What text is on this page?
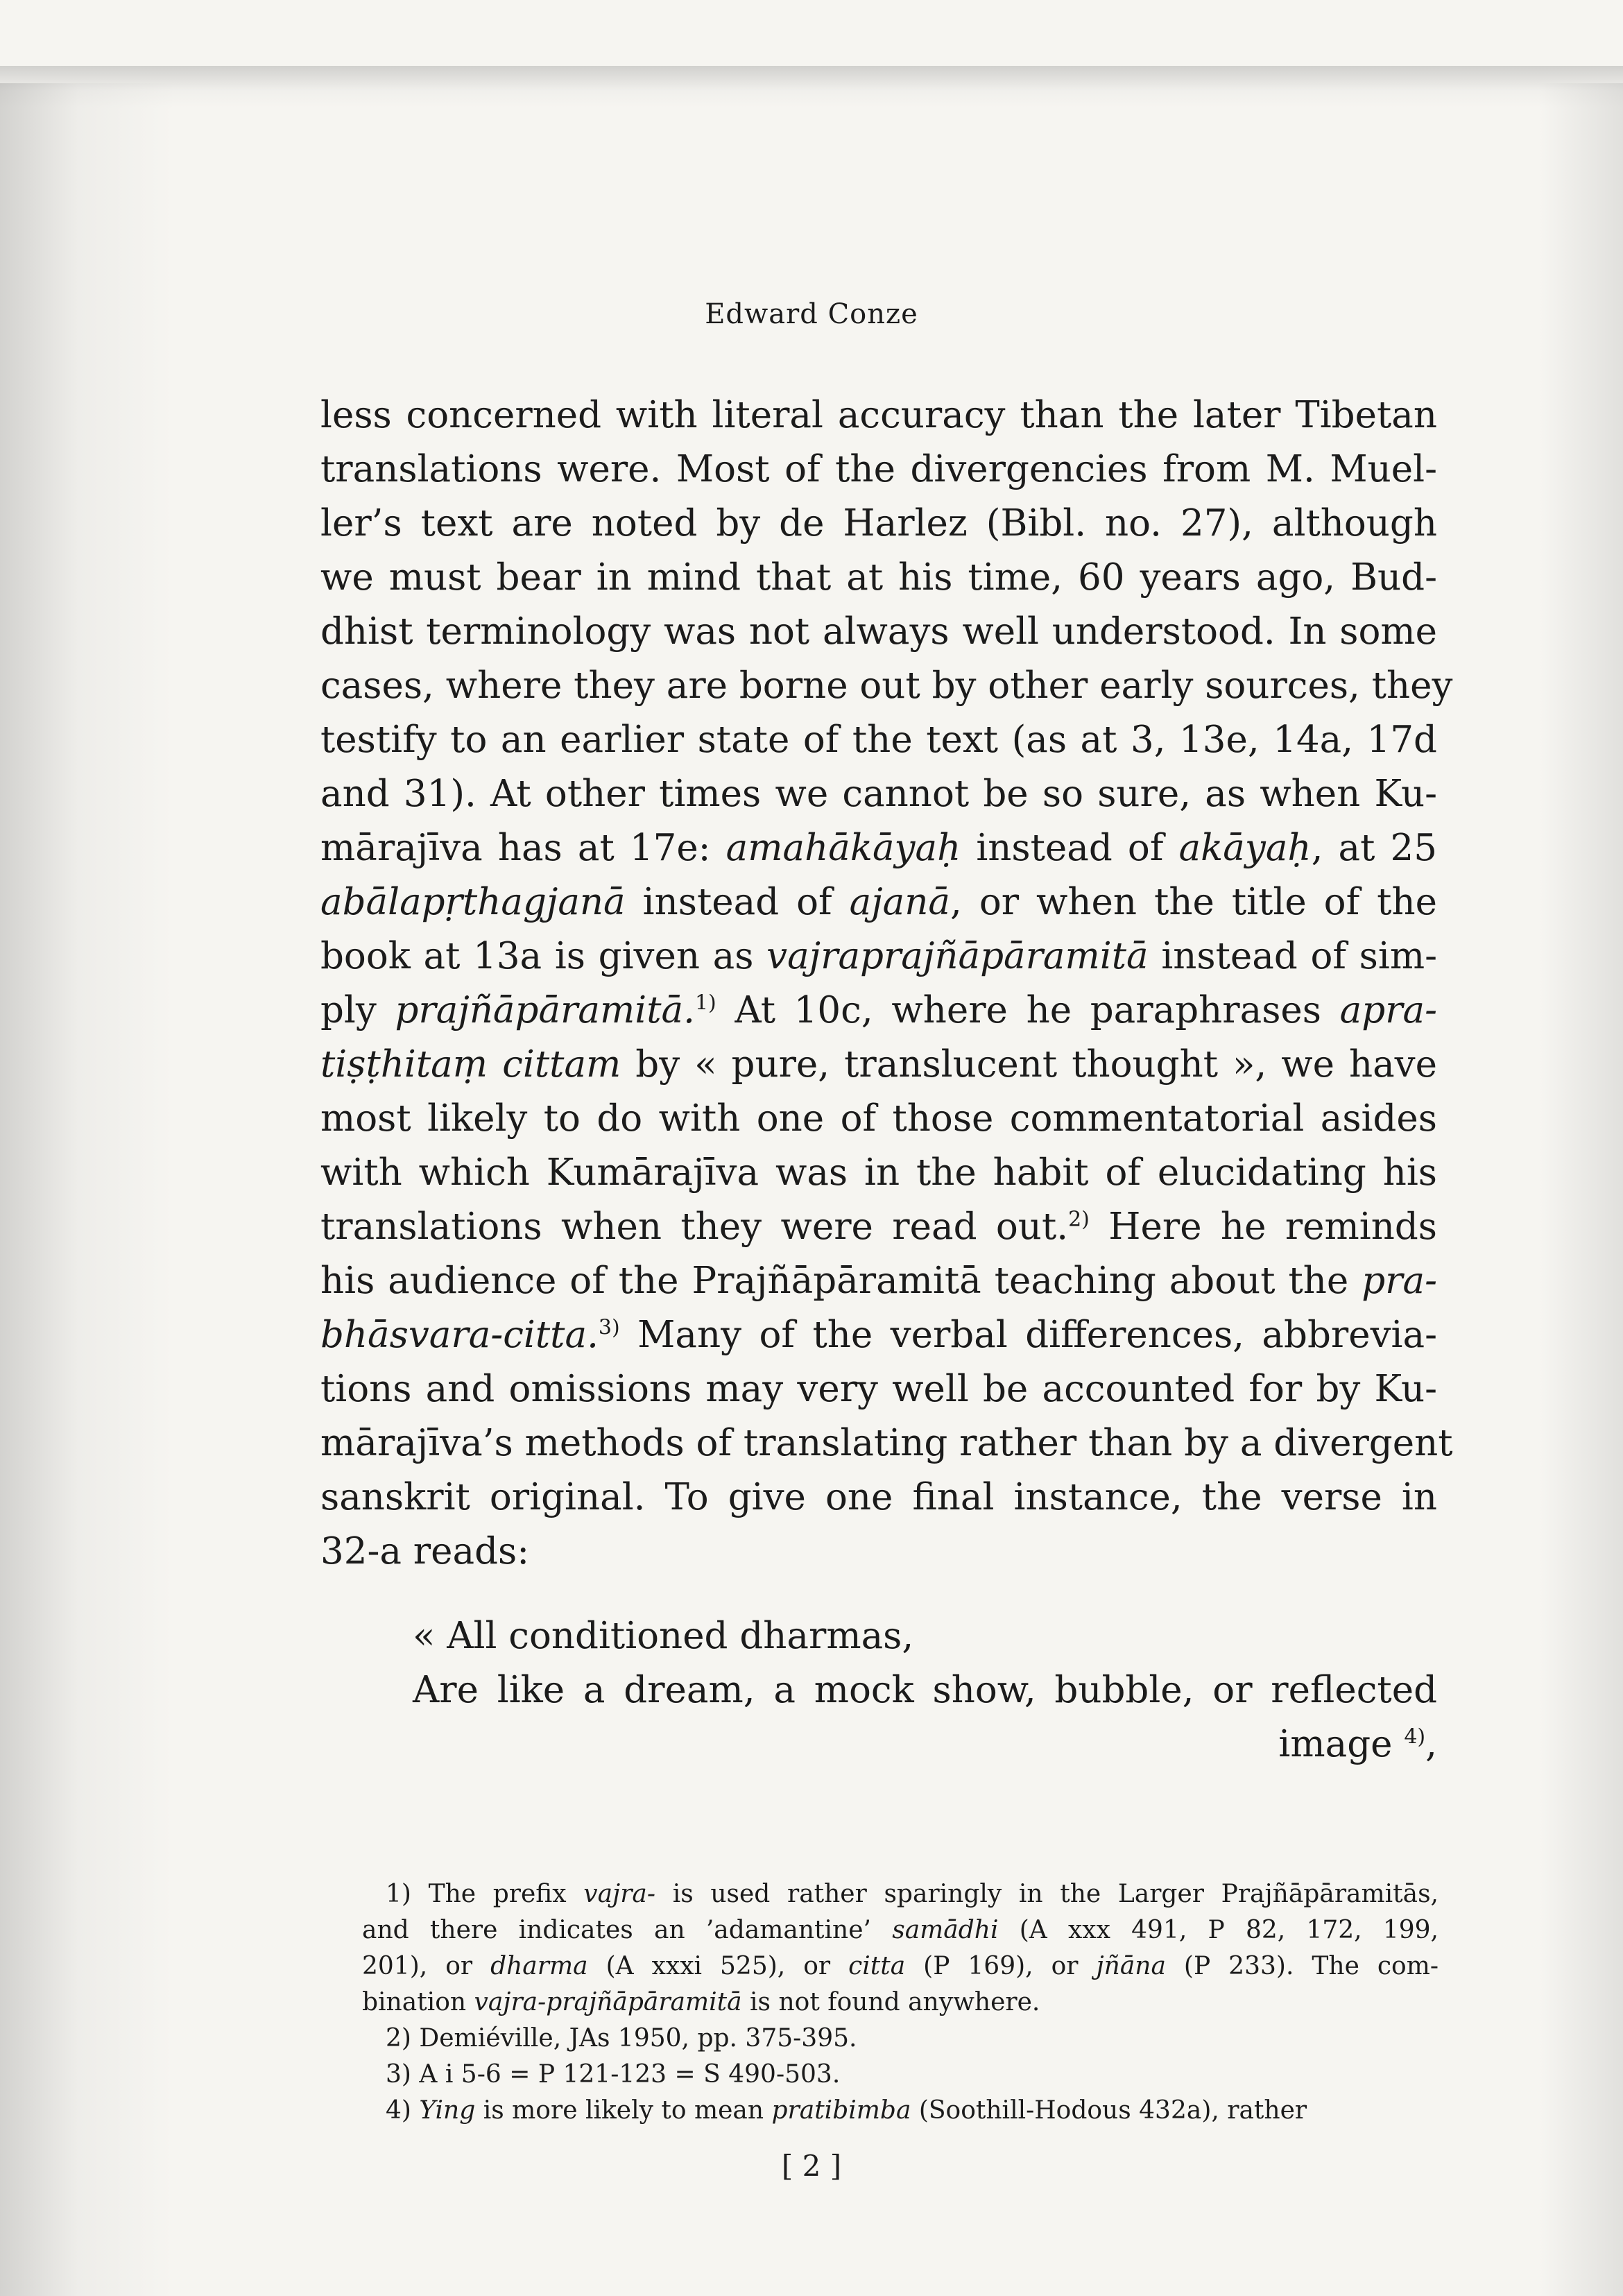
Edward Conze
less concerned with literal accuracy than the later Tibetan
translations were. Most of the divergencies from M. Muel-
ler’s text are noted by de Harlez (Bibl. no. 27), although
we must bear in mind that at his time, 60 years ago, Bud-
dhist terminology was not always well understood. In some
cases, where they are borne out by other early sources, they
testify to an earlier state of the text (as at 3, 13e, 14a, 17d
and 31). At other times we cannot be so sure, as when Ku-
mārajīva has at 17e: amahākāyaḥ instead of akāyaḥ, at 25
abālapṛthagjanā instead of ajanā, or when the title of the
book at 13a is given as vajraprajñāpāramitā instead of sim-
ply prajñāpāramitā.$^{1)}$ At 10c, where he paraphrases apra-
tiṣṭhitaṃ cittam by « pure, translucent thought », we have
most likely to do with one of those commentatorial asides
with which Kumārajīva was in the habit of elucidating his
translations when they were read out.$^{2)}$ Here he reminds
his audience of the Prajñāpāramitā teaching about the pra-
bhāsvara-citta.$^{3)}$ Many of the verbal differences, abbrevia-
tions and omissions may very well be accounted for by Ku-
mārajīva’s methods of translating rather than by a divergent
sanskrit original. To give one final instance, the verse in
32-a reads:
« All conditioned dharmas,
Are like a dream, a mock show, bubble, or reflected
image $^{4)}$,
1) The prefix vajra- is used rather sparingly in the Larger Prajñāpāramitās,
and there indicates an ’adamantine’ samādhi (A xxx 491, P 82, 172, 199,
201), or dharma (A xxxi 525), or citta (P 169), or jñāna (P 233). The com-
bination vajra-prajñāpāramitā is not found anywhere.
2) Demiéville, JAs 1950, pp. 375-395.
3) A i 5-6 = P 121-123 = S 490-503.
4) Ying is more likely to mean pratibimba (Soothill-Hodous 432a), rather
[ 2 ]
